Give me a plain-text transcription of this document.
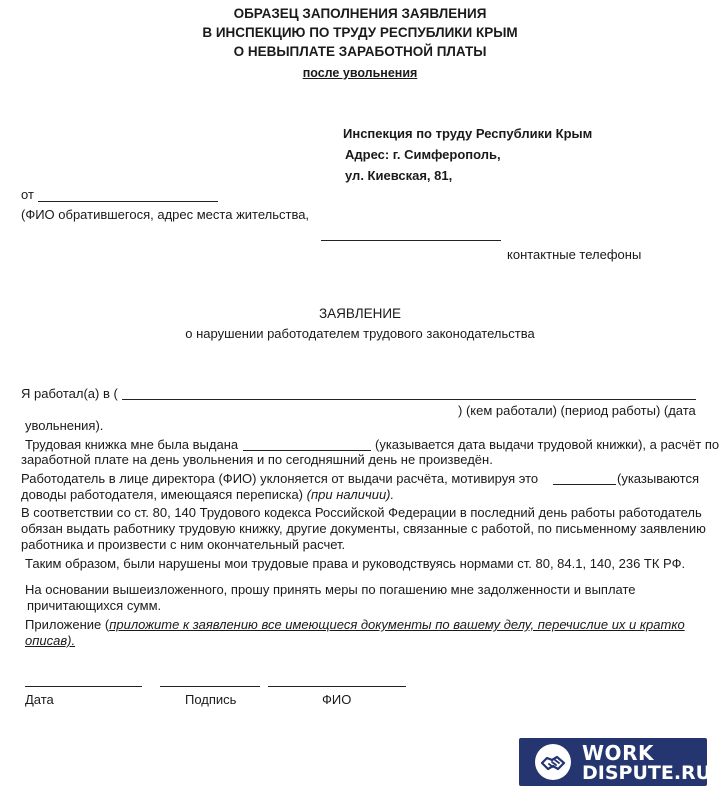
ОБРАЗЕЦ ЗАПОЛНЕНИЯ ЗАЯВЛЕНИЯ
В ИНСПЕКЦИЮ ПО ТРУДУ РЕСПУБЛИКИ КРЫМ
О НЕВЫПЛАТЕ ЗАРАБОТНОЙ ПЛАТЫ
после увольнения
Инспекция по труду Республики Крым
Адрес: г. Симферополь,
ул. Киевская, 81,
от
(ФИО обратившегося, адрес места жительства,
контактные телефоны
ЗАЯВЛЕНИЕ
о нарушении работодателем трудового законодательства
Я работал(а) в (
) (кем работали) (период работы) (дата
увольнения).
Трудовая книжка мне была выдана	(указывается дата выдачи трудовой книжки), а расчёт по
заработной плате на день увольнения и по сегодняшний день не произведён.
Работодатель в лице директора (ФИО) уклоняется от выдачи расчёта, мотивируя это	(указываются
доводы работодателя, имеющаяся переписка) (при наличии).
В соответствии со ст. 80, 140 Трудового кодекса Российской Федерации в последний день работы работодатель
обязан выдать работнику трудовую книжку, другие документы, связанные с работой, по письменному заявлению
работника и произвести с ним окончательный расчет.
Таким образом, были нарушены мои трудовые права и руководствуясь нормами ст. 80, 84.1, 140, 236 ТК РФ.
На основании вышеизложенного, прошу принять меры по погашению мне задолженности и выплате
причитающихся сумм.
Приложение (приложите к заявлению все имеющиеся документы по вашему делу, перечислие их и кратко
описав).
Дата	Подпись	ФИО
WORK
DISPUTE.RU
